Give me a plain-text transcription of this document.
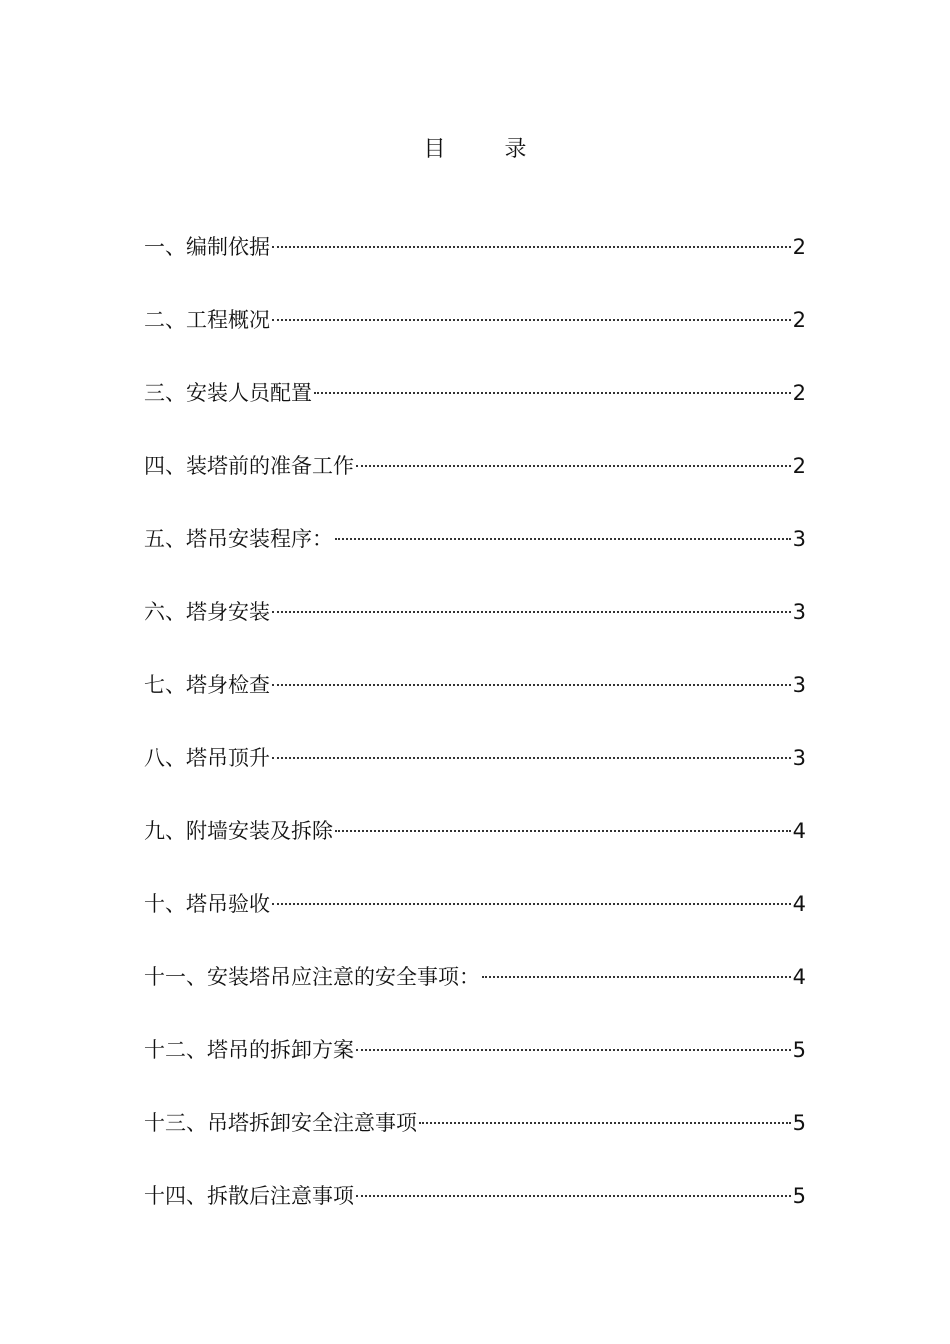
目 录
一、编制依据	2
二、工程概况	2
三、安装人员配置	2
四、装塔前的准备工作	2
五、塔吊安装程序：	3
六、塔身安装	3
七、塔身检查	3
八、塔吊顶升	3
九、附墙安装及拆除	4
十、塔吊验收	4
十一、安装塔吊应注意的安全事项：	4
十二、塔吊的拆卸方案	5
十三、吊塔拆卸安全注意事项	5
十四、拆散后注意事项	5
